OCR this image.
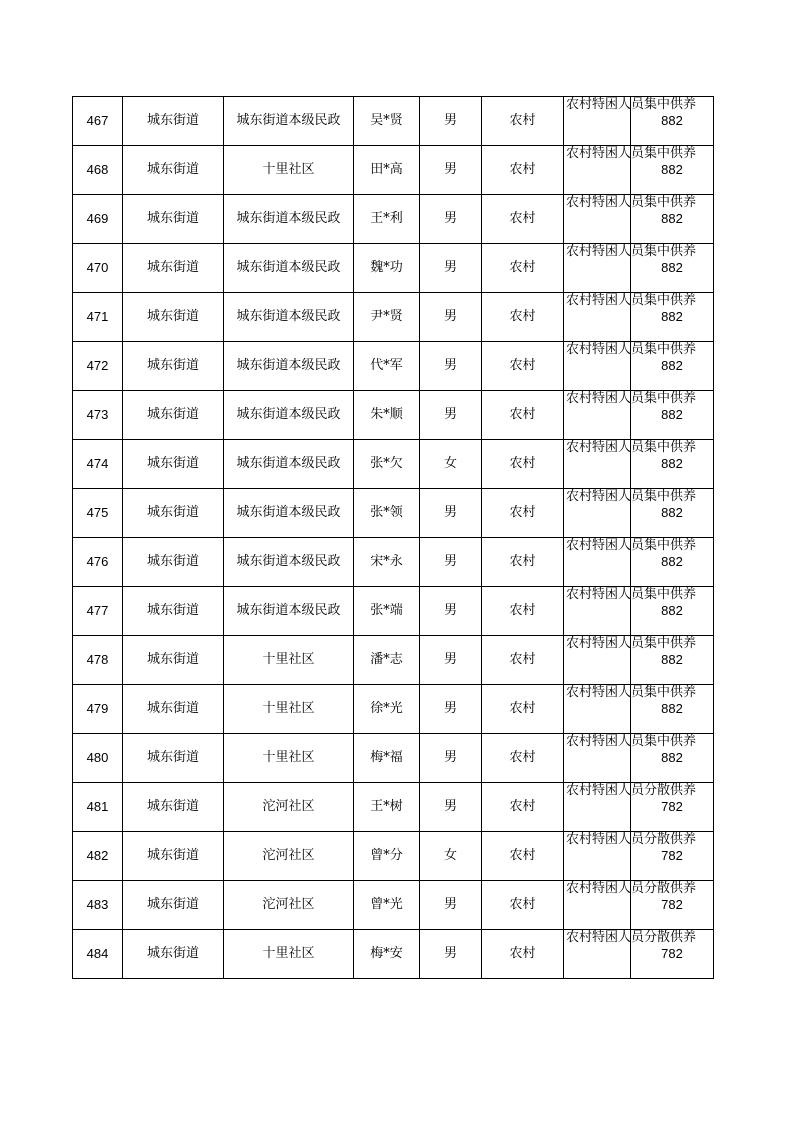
467	城东街道	城东街道本级民政	吴*贤	男	农村	农村特困人员集中供养	882
468	城东街道	十里社区	田*高	男	农村	农村特困人员集中供养	882
469	城东街道	城东街道本级民政	王*利	男	农村	农村特困人员集中供养	882
470	城东街道	城东街道本级民政	魏*功	男	农村	农村特困人员集中供养	882
471	城东街道	城东街道本级民政	尹*贤	男	农村	农村特困人员集中供养	882
472	城东街道	城东街道本级民政	代*军	男	农村	农村特困人员集中供养	882
473	城东街道	城东街道本级民政	朱*顺	男	农村	农村特困人员集中供养	882
474	城东街道	城东街道本级民政	张*欠	女	农村	农村特困人员集中供养	882
475	城东街道	城东街道本级民政	张*领	男	农村	农村特困人员集中供养	882
476	城东街道	城东街道本级民政	宋*永	男	农村	农村特困人员集中供养	882
477	城东街道	城东街道本级民政	张*端	男	农村	农村特困人员集中供养	882
478	城东街道	十里社区	潘*志	男	农村	农村特困人员集中供养	882
479	城东街道	十里社区	徐*光	男	农村	农村特困人员集中供养	882
480	城东街道	十里社区	梅*福	男	农村	农村特困人员集中供养	882
481	城东街道	沱河社区	王*树	男	农村	农村特困人员分散供养	782
482	城东街道	沱河社区	曾*分	女	农村	农村特困人员分散供养	782
483	城东街道	沱河社区	曾*光	男	农村	农村特困人员分散供养	782
484	城东街道	十里社区	梅*安	男	农村	农村特困人员分散供养	782
